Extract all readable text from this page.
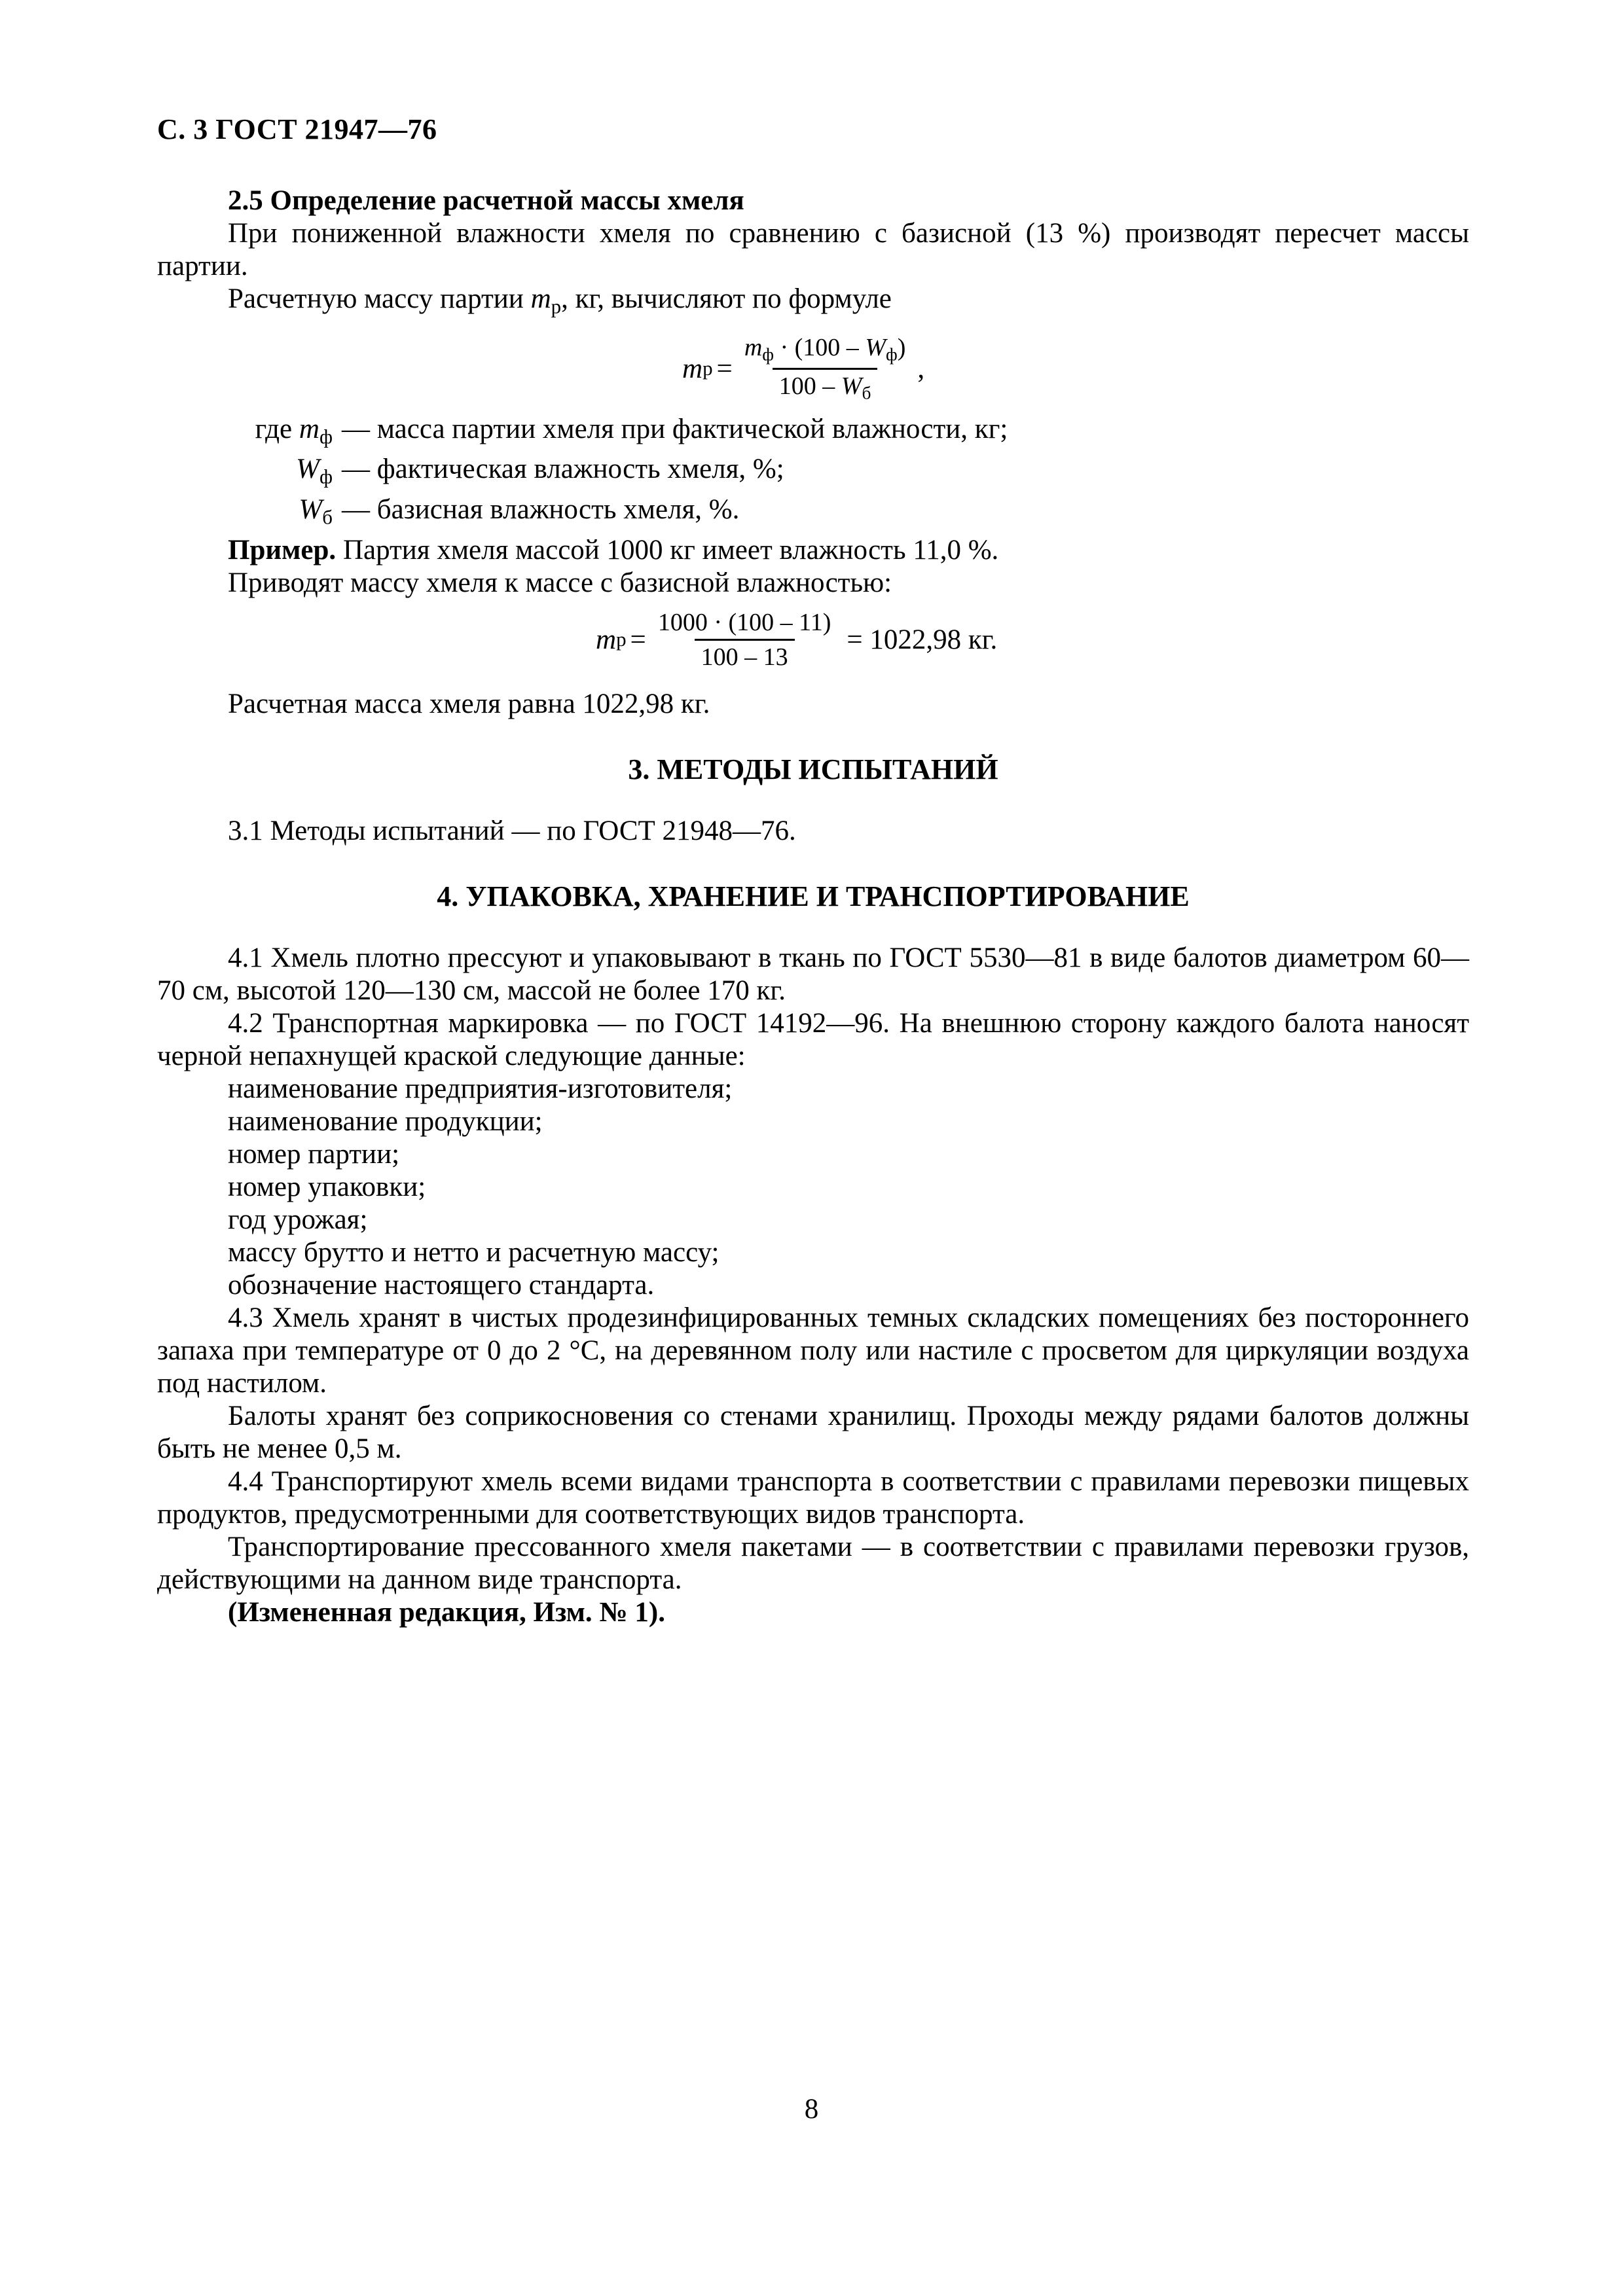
С. 3 ГОСТ 21947—76

2.5 Определение расчетной массы хмеля

При пониженной влажности хмеля по сравнению с базисной (13 %) производят пересчет массы партии.

Расчетную массу партии $m_р$, кг, вычисляют по формуле

m $р = \frac{m_ф \cdot (100 - W_ф)}{100 - W_б}$ ,
где $m_ф$ — масса партии хмеля при фактической влажности, кг;
$W_ф$ — фактическая влажность хмеля, %;
$W_б$ — базисная влажность хмеля, %.

Пример. Партия хмеля массой 1000 кг имеет влажность 11,0 %.

Приводят массу хмеля к массе с базисной влажностью:

m $р = \frac{1000 \cdot (100 - 11)}{100 - 13} = 1022,98$ кг.

Расчетная масса хмеля равна 1022,98 кг.

3. МЕТОДЫ ИСПЫТАНИЙ

3.1 Методы испытаний — по ГОСТ 21948—76.

4. УПАКОВКА, ХРАНЕНИЕ И ТРАНСПОРТИРОВАНИЕ

4.1 Хмель плотно прессуют и упаковывают в ткань по ГОСТ 5530—81 в виде балотов диаметром 60—70 см, высотой 120—130 см, массой не более 170 кг.

4.2 Транспортная маркировка — по ГОСТ 14192—96. На внешнюю сторону каждого балота наносят черной непахнущей краской следующие данные:

наименование предприятия-изготовителя;

наименование продукции;

номер партии;

номер упаковки;

год урожая;

массу брутто и нетто и расчетную массу;

обозначение настоящего стандарта.

4.3 Хмель хранят в чистых продезинфицированных темных складских помещениях без постороннего запаха при температуре от 0 до 2 °С, на деревянном полу или настиле с просветом для циркуляции воздуха под настилом.

Балоты хранят без соприкосновения со стенами хранилищ. Проходы между рядами балотов должны быть не менее 0,5 м.

4.4 Транспортируют хмель всеми видами транспорта в соответствии с правилами перевозки пищевых продуктов, предусмотренными для соответствующих видов транспорта.

Транспортирование прессованного хмеля пакетами — в соответствии с правилами перевозки грузов, действующими на данном виде транспорта.

(Измененная редакция, Изм. № 1).

8
